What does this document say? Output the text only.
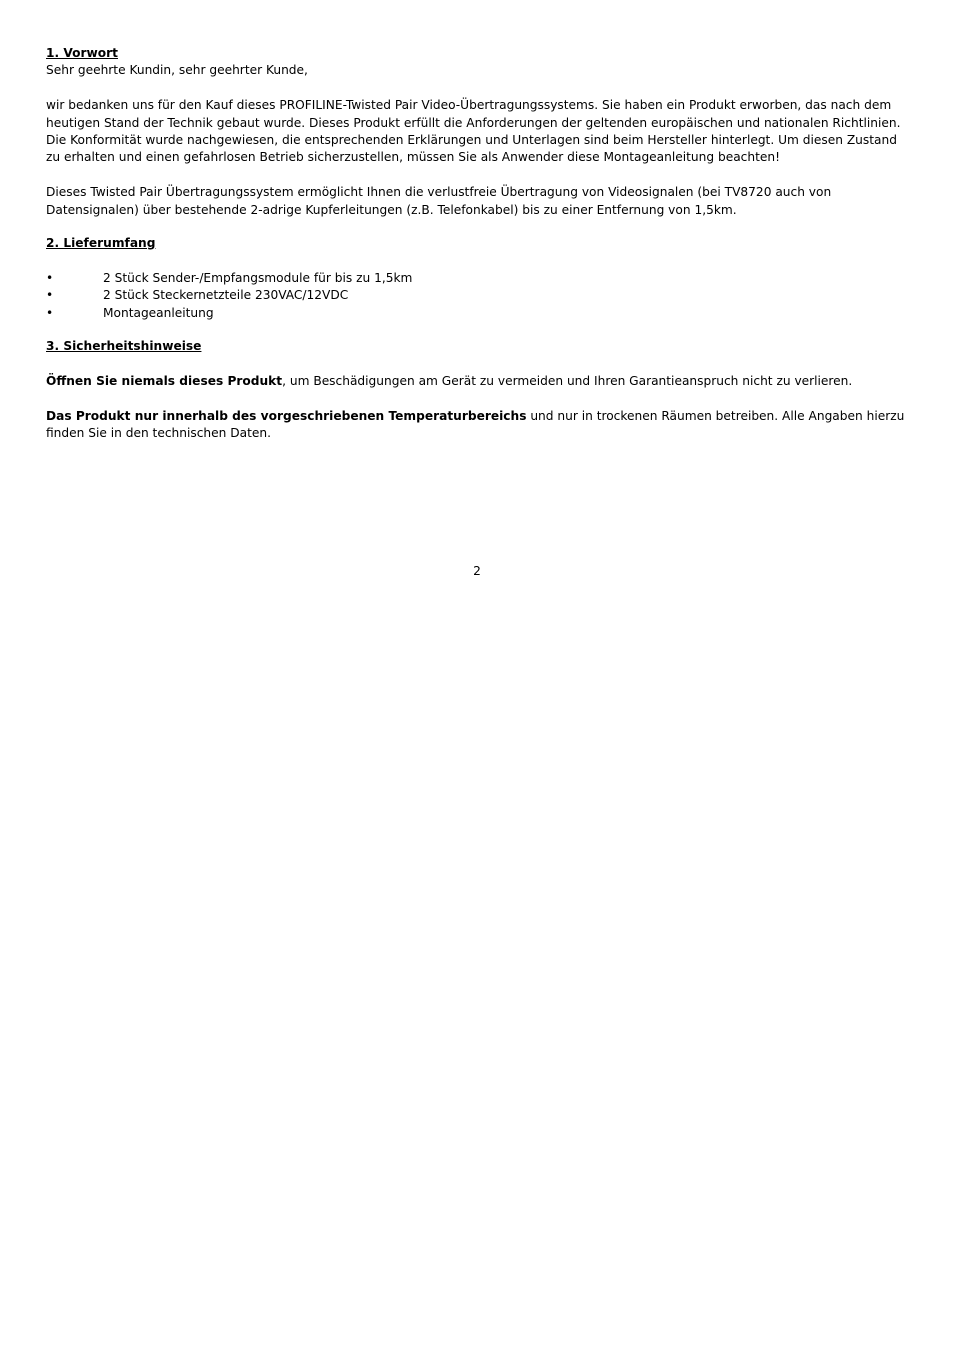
1. Vorwort

Sehr geehrte Kundin, sehr geehrter Kunde,

wir bedanken uns für den Kauf dieses PROFILINE-Twisted Pair Video-Übertragungssystems. Sie haben ein Produkt erworben, das nach dem heutigen Stand der Technik gebaut wurde. Dieses Produkt erfüllt die Anforderungen der geltenden europäischen und nationalen Richtlinien. Die Konformität wurde nachgewiesen, die entsprechenden Erklärungen und Unterlagen sind beim Hersteller hinterlegt. Um diesen Zustand zu erhalten und einen gefahrlosen Betrieb sicherzustellen, müssen Sie als Anwender diese Montageanleitung beachten!

Dieses Twisted Pair Übertragungssystem ermöglicht Ihnen die verlustfreie Übertragung von Videosignalen (bei TV8720 auch von Datensignalen) über bestehende 2-adrige Kupferleitungen (z.B. Telefonkabel) bis zu einer Entfernung von 1,5km.

2. Lieferumfang

•	2 Stück Sender-/Empfangsmodule für bis zu 1,5km
•	2 Stück Steckernetzteile 230VAC/12VDC
•	Montageanleitung

3. Sicherheitshinweise

Öffnen Sie niemals dieses Produkt, um Beschädigungen am Gerät zu vermeiden und Ihren Garantieanspruch nicht zu verlieren.

Das Produkt nur innerhalb des vorgeschriebenen Temperaturbereichs und nur in trockenen Räumen betreiben. Alle Angaben hierzu finden Sie in den technischen Daten.

2
